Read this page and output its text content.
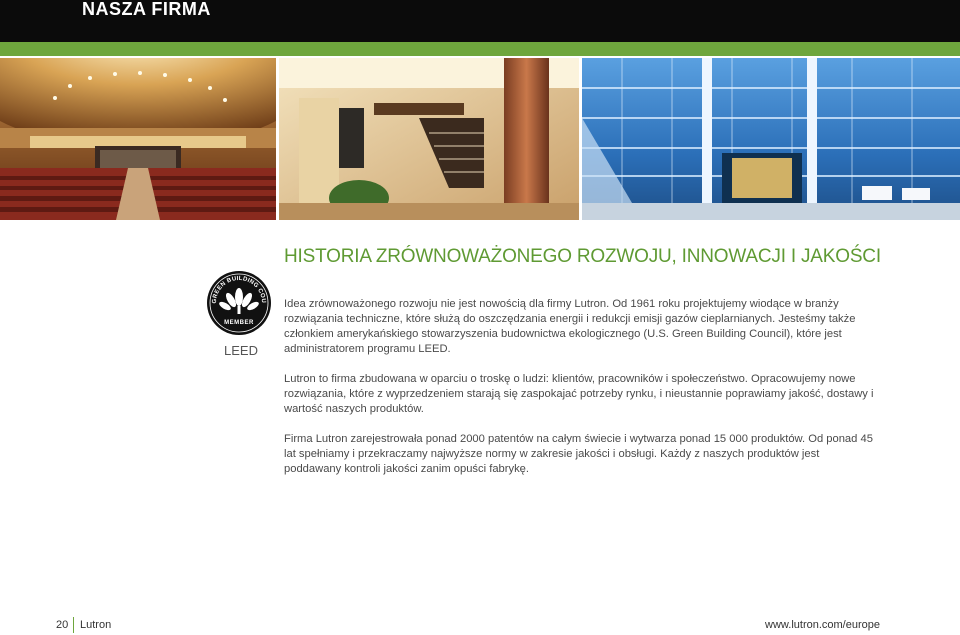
NASZA FIRMA
GREEN BUILDING COU
MEMBER
LEED
HISTORIA ZRÓWNOWAŻONEGO ROZWOJU, INNOWACJI I JAKOŚCI

Idea zrównoważonego rozwoju nie jest nowością dla firmy Lutron. Od 1961 roku projektujemy wiodące w branży rozwiązania techniczne, które służą do oszczędzania energii i redukcji emisji gazów cieplarnianych. Jesteśmy także członkiem amerykańskiego stowarzyszenia budownictwa ekologicznego (U.S. Green Building Council), które jest administratorem programu LEED.

Lutron to firma zbudowana w oparciu o troskę o ludzi: klientów, pracowników i społeczeństwo. Opracowujemy nowe rozwiązania, które z wyprzedzeniem starają się zaspokajać potrzeby rynku, i nieustannie poprawiamy jakość, dostawy i wartość naszych produktów.

Firma Lutron zarejestrowała ponad 2000 patentów na całym świecie i wytwarza ponad 15 000 produktów. Od ponad 45 lat spełniamy i przekraczamy najwyższe normy w zakresie jakości i obsługi. Każdy z naszych produktów jest poddawany kontroli jakości zanim opuści fabrykę.

20 Lutron	www.lutron.com/europe
